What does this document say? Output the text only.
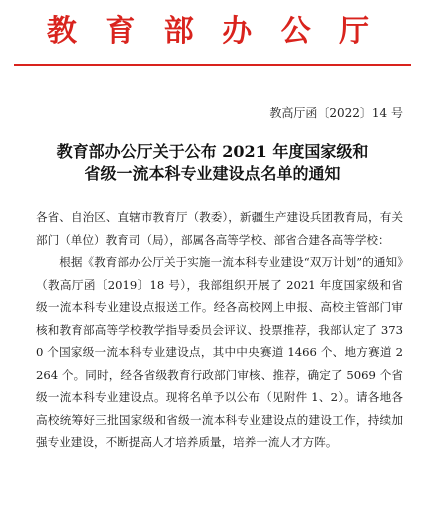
教 育 部 办 公 厅
教高厅函〔2022〕14 号
教育部办公厅关于公布 2021 年度国家级和
省级一流本科专业建设点名单的通知

各省、自治区、直辖市教育厅（教委），新疆生产建设兵团教育局，有关部门（单位）教育司（局），部属各高等学校、部省合建各高等学校：

根据《教育部办公厅关于实施一流本科专业建设“双万计划”的通知》（教高厅函〔2019〕18 号），我部组织开展了 2021 年度国家级和省级一流本科专业建设点报送工作。经各高校网上申报、高校主管部门审核和教育部高等学校教学指导委员会评议、投票推荐，我部认定了 3730 个国家级一流本科专业建设点，其中中央赛道 1466 个、地方赛道 2264 个。同时，经各省级教育行政部门审核、推荐，确定了 5069 个省级一流本科专业建设点。现将名单予以公布（见附件 1、2）。请各地各高校统筹好三批国家级和省级一流本科专业建设点的建设工作，持续加强专业建设，不断提高人才培养质量，培养一流人才方阵。
